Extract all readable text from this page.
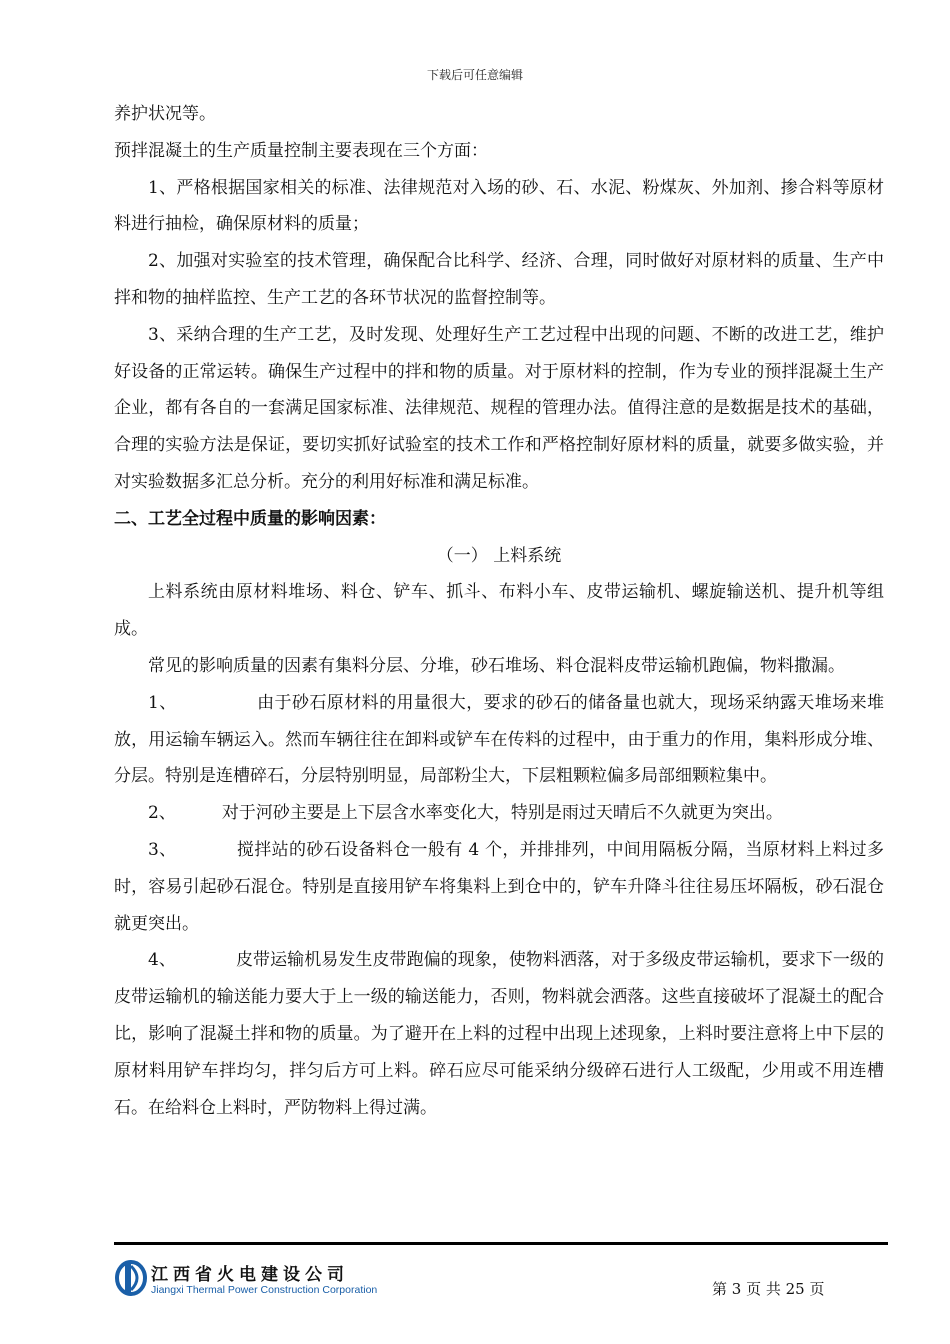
下载后可任意编辑

养护状况等。

预拌混凝土的生产质量控制主要表现在三个方面：

1、严格根据国家相关的标准、法律规范对入场的砂、石、水泥、粉煤灰、外加剂、掺合料等原材料进行抽检，确保原材料的质量；

2、加强对实验室的技术管理，确保配合比科学、经济、合理，同时做好对原材料的质量、生产中拌和物的抽样监控、生产工艺的各环节状况的监督控制等。

3、采纳合理的生产工艺，及时发现、处理好生产工艺过程中出现的问题、不断的改进工艺，维护好设备的正常运转。确保生产过程中的拌和物的质量。对于原材料的控制，作为专业的预拌混凝土生产企业，都有各自的一套满足国家标准、法律规范、规程的管理办法。值得注意的是数据是技术的基础，合理的实验方法是保证，要切实抓好试验室的技术工作和严格控制好原材料的质量，就要多做实验，并对实验数据多汇总分析。充分的利用好标准和满足标准。

二、工艺全过程中质量的影响因素：

（一） 上料系统

上料系统由原材料堆场、料仓、铲车、抓斗、布料小车、皮带运输机、螺旋输送机、提升机等组成。

常见的影响质量的因素有集料分层、分堆，砂石堆场、料仓混料皮带运输机跑偏，物料撒漏。

1、	由于砂石原材料的用量很大，要求的砂石的储备量也就大，现场采纳露天堆场来堆放，用运输车辆运入。然而车辆往往在卸料或铲车在传料的过程中，由于重力的作用，集料形成分堆、分层。特别是连槽碎石，分层特别明显，局部粉尘大，下层粗颗粒偏多局部细颗粒集中。

2、	对于河砂主要是上下层含水率变化大，特别是雨过天晴后不久就更为突出。

3、	搅拌站的砂石设备料仓一般有 4 个，并排排列，中间用隔板分隔，当原材料上料过多时，容易引起砂石混仓。特别是直接用铲车将集料上到仓中的，铲车升降斗往往易压坏隔板，砂石混仓就更突出。

4、	皮带运输机易发生皮带跑偏的现象，使物料洒落，对于多级皮带运输机，要求下一级的皮带运输机的输送能力要大于上一级的输送能力，否则，物料就会洒落。这些直接破坏了混凝土的配合比，影响了混凝土拌和物的质量。为了避开在上料的过程中出现上述现象，上料时要注意将上中下层的原材料用铲车拌均匀，拌匀后方可上料。碎石应尽可能采纳分级碎石进行人工级配，少用或不用连槽石。在给料仓上料时，严防物料上得过满。

江西省火电建设公司
Jiangxi Thermal Power Construction Corporation	第 3 页 共 25 页
